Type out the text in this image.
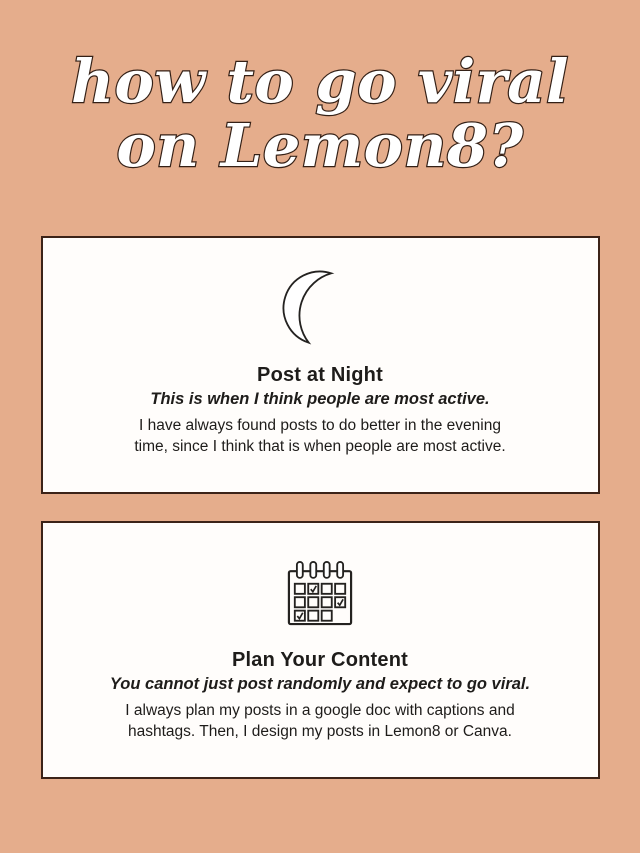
how to go viral
on Lemon8?
Post at Night

This is when I think people are most active.

I have always found posts to do better in the evening
time, since I think that is when people are most active.

Plan Your Content

You cannot just post randomly and expect to go viral.

I always plan my posts in a google doc with captions and
hashtags. Then, I design my posts in Lemon8 or Canva.
